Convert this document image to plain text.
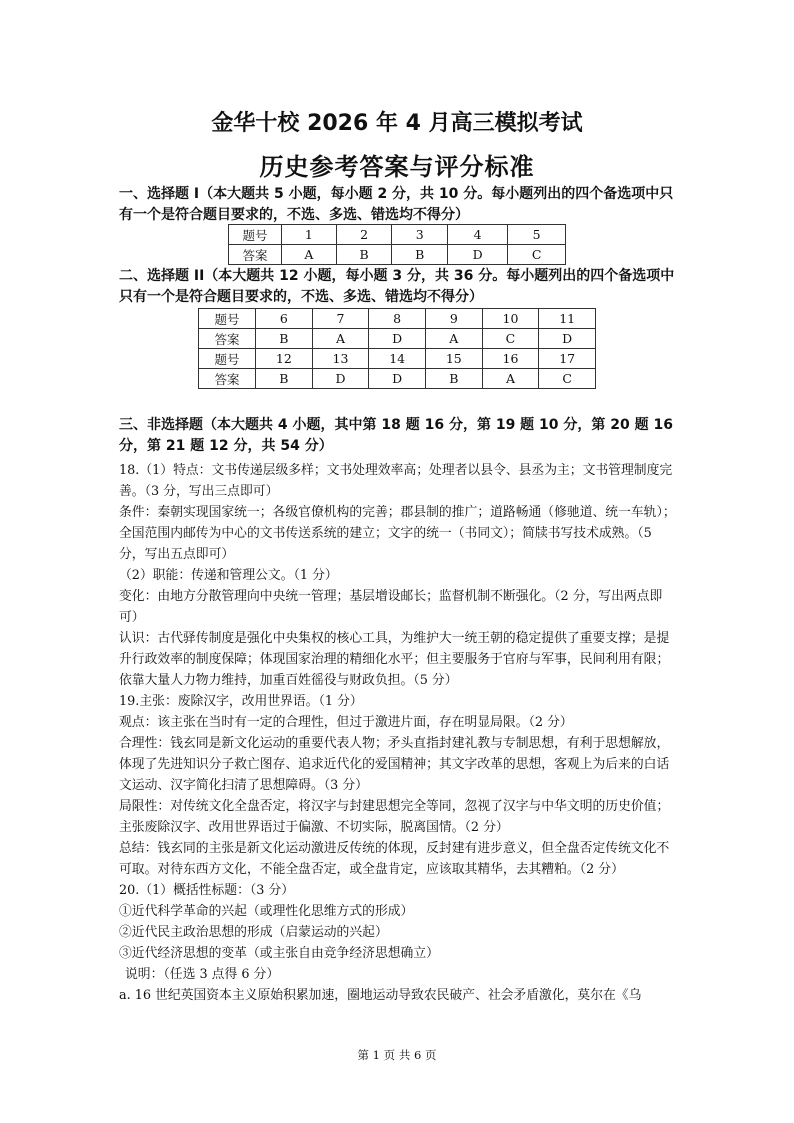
金华十校 2026 年 4 月高三模拟考试
历史参考答案与评分标准
一、选择题 I（本大题共 5 小题，每小题 2 分，共 10 分。每小题列出的四个备选项中只有一个是符合题目要求的，不选、多选、错选均不得分）
题号	1	2	3	4	5
答案	A	B	B	D	C
二、选择题 II（本大题共 12 小题，每小题 3 分，共 36 分。每小题列出的四个备选项中只有一个是符合题目要求的，不选、多选、错选均不得分）
题号	6	7	8	9	10	11
答案	B	A	D	A	C	D
题号	12	13	14	15	16	17
答案	B	D	D	B	A	C
三、非选择题（本大题共 4 小题，其中第 18 题 16 分，第 19 题 10 分，第 20 题 16 分，第 21 题 12 分，共 54 分）

18.（1）特点：文书传递层级多样；文书处理效率高；处理者以县令、县丞为主；文书管理制度完善。（3 分，写出三点即可）

条件：秦朝实现国家统一；各级官僚机构的完善；郡县制的推广；道路畅通（修驰道、统一车轨）；全国范围内邮传为中心的文书传送系统的建立；文字的统一（书同文）；简牍书写技术成熟。（5 分，写出五点即可）

（2）职能：传递和管理公文。（1 分）

变化：由地方分散管理向中央统一管理；基层增设邮长；监督机制不断强化。（2 分，写出两点即可）

认识：古代驿传制度是强化中央集权的核心工具，为维护大一统王朝的稳定提供了重要支撑；是提升行政效率的制度保障；体现国家治理的精细化水平；但主要服务于官府与军事，民间利用有限；依靠大量人力物力维持，加重百姓徭役与财政负担。（5 分）

19.主张：废除汉字，改用世界语。（1 分）

观点：该主张在当时有一定的合理性，但过于激进片面，存在明显局限。（2 分）

合理性：钱玄同是新文化运动的重要代表人物；矛头直指封建礼教与专制思想，有利于思想解放，体现了先进知识分子救亡图存、追求近代化的爱国精神；其文字改革的思想，客观上为后来的白话文运动、汉字简化扫清了思想障碍。（3 分）

局限性：对传统文化全盘否定，将汉字与封建思想完全等同，忽视了汉字与中华文明的历史价值；主张废除汉字、改用世界语过于偏激、不切实际，脱离国情。（2 分）

总结：钱玄同的主张是新文化运动激进反传统的体现，反封建有进步意义，但全盘否定传统文化不可取。对待东西方文化，不能全盘否定，或全盘肯定，应该取其精华，去其糟粕。（2 分）

20.（1）概括性标题：（3 分）

①近代科学革命的兴起（或理性化思维方式的形成）

②近代民主政治思想的形成（启蒙运动的兴起）

③近代经济思想的变革（或主张自由竞争经济思想确立）

说明：（任选 3 点得 6 分）

a. 16 世纪英国资本主义原始积累加速，圈地运动导致农民破产、社会矛盾激化，莫尔在《乌

第 1 页 共 6 页
